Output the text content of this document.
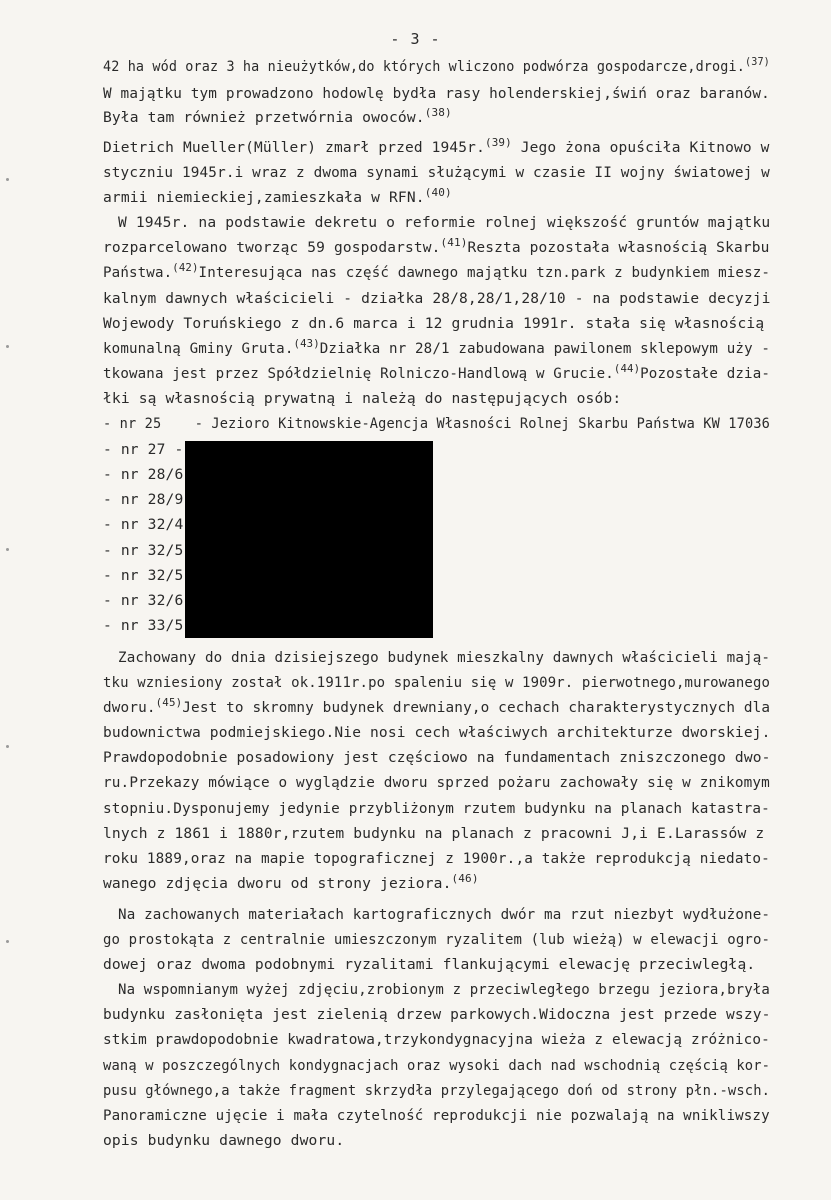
- 3 -
42 ha wód oraz 3 ha nieużytków,do których wliczono podwórza gospodarcze,drogi.$^{(37)}$
W majątku tym prowadzono hodowlę bydła rasy holenderskiej,świń oraz baranów.
Była tam również przetwórnia owoców.$^{(38)}$
Dietrich Mueller(Müller) zmarł przed 1945r.$^{(39)}$ Jego żona opuściła Kitnowo w
styczniu 1945r.i wraz z dwoma synami służącymi w czasie II wojny światowej w
armii niemieckiej,zamieszkała w RFN.$^{(40)}$
W 1945r. na podstawie dekretu o reformie rolnej większość gruntów majątku
rozparcelowano tworząc 59 gospodarstw.$^{(41)}$Reszta pozostała własnością Skarbu
Państwa.$^{(42)}$Interesująca nas część dawnego majątku tzn.park z budynkiem miesz-
kalnym dawnych właścicieli - działka 28/8,28/1,28/10 - na podstawie decyzji
Wojewody Toruńskiego z dn.6 marca i 12 grudnia 1991r. stała się własnością
komunalną Gminy Gruta.$^{(43)}$Działka nr 28/1 zabudowana pawilonem sklepowym uży -
tkowana jest przez Spółdzielnię Rolniczo-Handlową w Grucie.$^{(44)}$Pozostałe dzia-
łki są własnością prywatną i należą do następujących osób:
- nr 25    - Jezioro Kitnowskie-Agencja Własności Rolnej Skarbu Państwa KW 17036
- nr 27 -
- nr 28/6
- nr 28/9
- nr 32/4
- nr 32/5
- nr 32/5
- nr 32/6
- nr 33/5
Zachowany do dnia dzisiejszego budynek mieszkalny dawnych właścicieli mają-
tku wzniesiony został ok.1911r.po spaleniu się w 1909r. pierwotnego,murowanego
dworu.$^{(45)}$Jest to skromny budynek drewniany,o cechach charakterystycznych dla
budownictwa podmiejskiego.Nie nosi cech właściwych architekturze dworskiej.
Prawdopodobnie posadowiony jest częściowo na fundamentach zniszczonego dwo-
ru.Przekazy mówiące o wyglądzie dworu sprzed pożaru zachowały się w znikomym
stopniu.Dysponujemy jedynie przybliżonym rzutem budynku na planach katastra-
lnych z 1861 i 1880r,rzutem budynku na planach z pracowni J,i E.Larassów z
roku 1889,oraz na mapie topograficznej z 1900r.,a także reprodukcją niedato-
wanego zdjęcia dworu od strony jeziora.$^{(46)}$
Na zachowanych materiałach kartograficznych dwór ma rzut niezbyt wydłużone-
go prostokąta z centralnie umieszczonym ryzalitem (lub wieżą) w elewacji ogro-
dowej oraz dwoma podobnymi ryzalitami flankującymi elewację przeciwległą.
Na wspomnianym wyżej zdjęciu,zrobionym z przeciwległego brzegu jeziora,bryła
budynku zasłonięta jest zielenią drzew parkowych.Widoczna jest przede wszy-
stkim prawdopodobnie kwadratowa,trzykondygnacyjna wieża z elewacją zróżnico-
waną w poszczególnych kondygnacjach oraz wysoki dach nad wschodnią częścią kor-
pusu głównego,a także fragment skrzydła przylegającego doń od strony płn.-wsch.
Panoramiczne ujęcie i mała czytelność reprodukcji nie pozwalają na wnikliwszy
opis budynku dawnego dworu.
